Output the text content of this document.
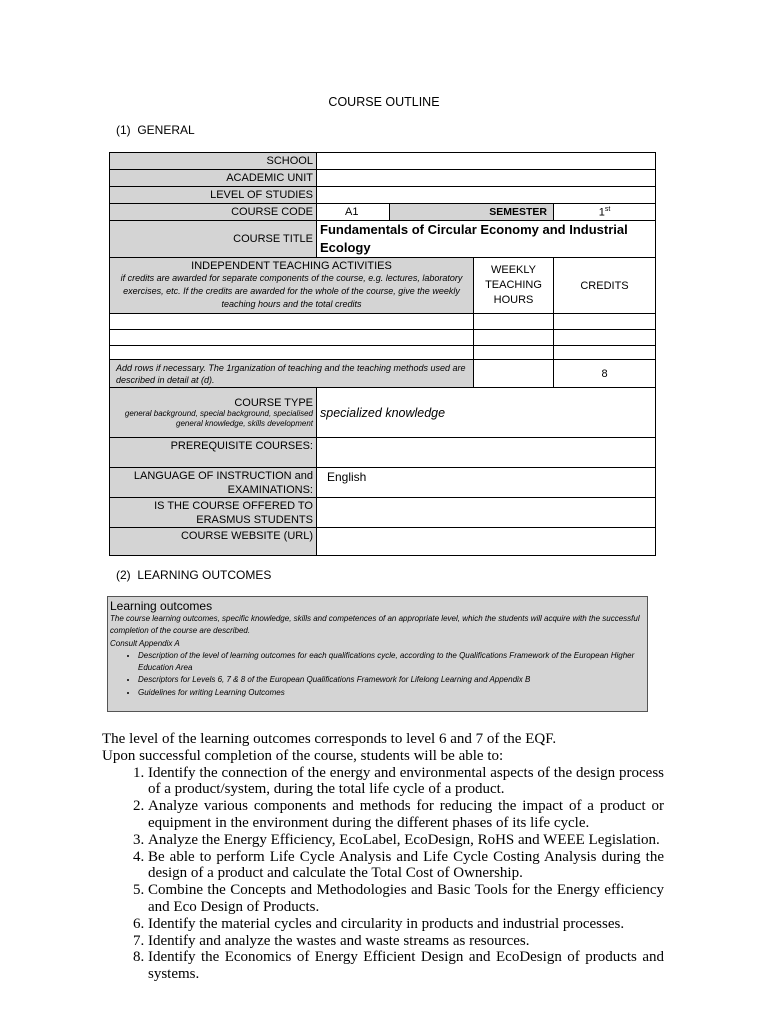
COURSE OUTLINE
(1) GENERAL
SCHOOL				
ACADEMIC UNIT				
LEVEL OF STUDIES				
COURSE CODE	A1	SEMESTER		1st
COURSE TITLE	Fundamentals of Circular Economy and Industrial Ecology			

INDEPENDENT TEACHING ACTIVITIES
if credits are awarded for separate components of the course, e.g. lectures, laboratory exercises, etc. If the credits are awarded for the whole of the course, give the weekly teaching hours and the total credits			WEEKLY TEACHING HOURS	CREDITS

Add rows if necessary. The 1rganization of teaching and the teaching methods used are described in detail at (d).				8

COURSE TYPE
general background, special background, specialised general knowledge, skills development	specialized knowledge			
PREREQUISITE COURSES:				
LANGUAGE OF INSTRUCTION and EXAMINATIONS:	English			
IS THE COURSE OFFERED TO ERASMUS STUDENTS				
COURSE WEBSITE (URL)				
(2) LEARNING OUTCOMES
Learning outcomes
The course learning outcomes, specific knowledge, skills and competences of an appropriate level, which the students will acquire with the successful completion of the course are described.
Consult Appendix A
• Description of the level of learning outcomes for each qualifications cycle, according to the Qualifications Framework of the European Higher Education Area
• Descriptors for Levels 6, 7 & 8 of the European Qualifications Framework for Lifelong Learning and Appendix B
• Guidelines for writing Learning Outcomes

The level of the learning outcomes corresponds to level 6 and 7 of the EQF.

Upon successful completion of the course, students will be able to:

1. Identify the connection of the energy and environmental aspects of the design process of a product/system, during the total life cycle of a product.
2. Analyze various components and methods for reducing the impact of a product or equipment in the environment during the different phases of its life cycle.
3. Analyze the Energy Efficiency, EcoLabel, EcoDesign, RoHS and WEEE Legislation.
4. Be able to perform Life Cycle Analysis and Life Cycle Costing Analysis during the design of a product and calculate the Total Cost of Ownership.
5. Combine the Concepts and Methodologies and Basic Tools for the Energy efficiency and Eco Design of Products.
6. Identify the material cycles and circularity in products and industrial processes.
7. Identify and analyze the wastes and waste streams as resources.
8. Identify the Economics of Energy Efficient Design and EcoDesign of products and systems.
